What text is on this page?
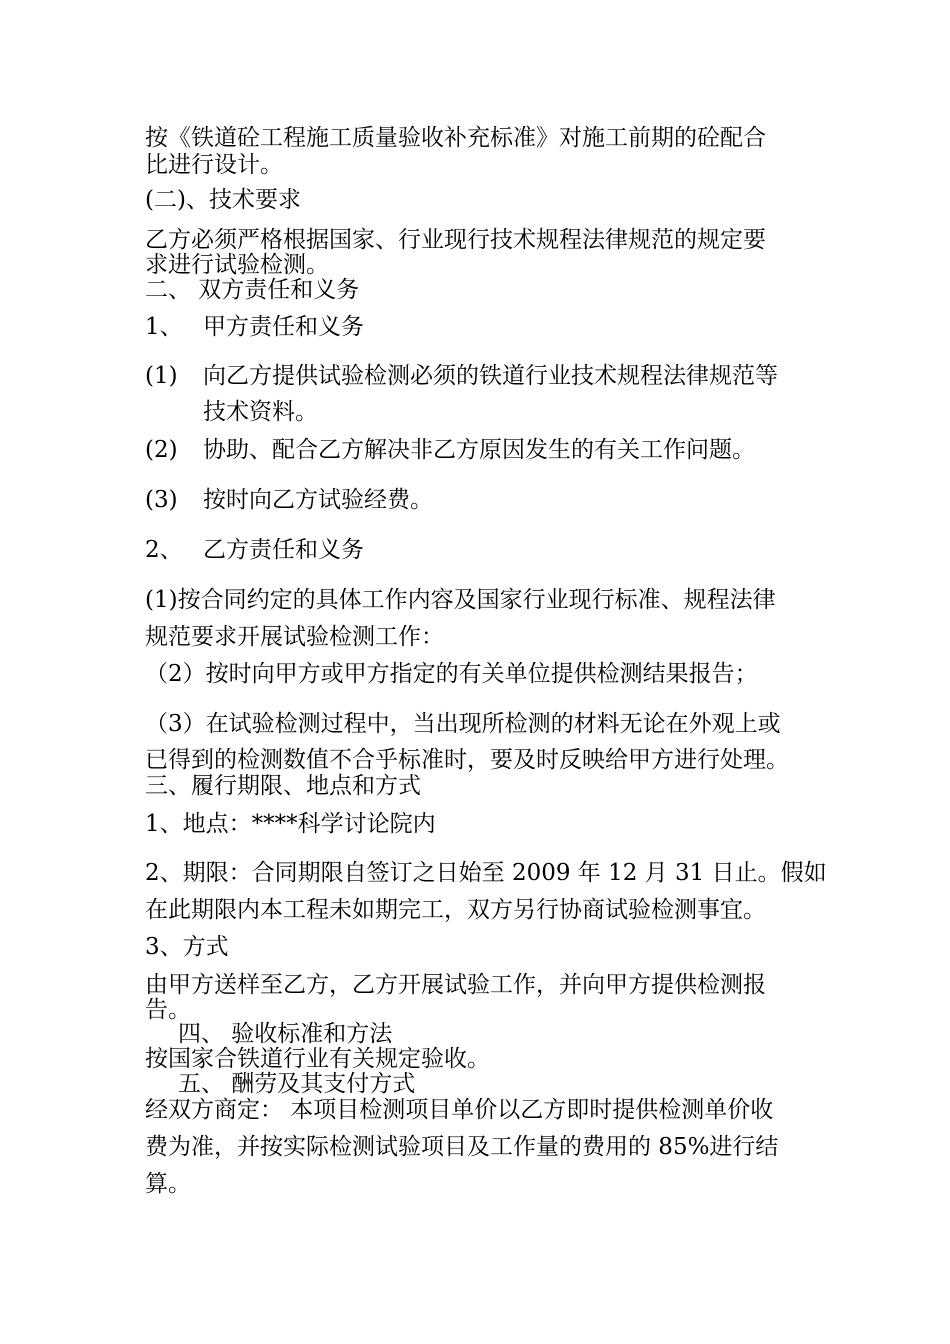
按《铁道砼工程施工质量验收补充标准》对施工前期的砼配合
比进行设计。
(二)、技术要求
乙方必须严格根据国家、行业现行技术规程法律规范的规定要
求进行试验检测。
二、 双方责任和义务
1、 甲方责任和义务
(1) 向乙方提供试验检测必须的铁道行业技术规程法律规范等
技术资料。
(2) 协助、配合乙方解决非乙方原因发生的有关工作问题。
(3) 按时向乙方试验经费。
2、 乙方责任和义务
(1)按合同约定的具体工作内容及国家行业现行标准、规程法律
规范要求开展试验检测工作：
（2）按时向甲方或甲方指定的有关单位提供检测结果报告；
（3）在试验检测过程中，当出现所检测的材料无论在外观上或
已得到的检测数值不合乎标准时，要及时反映给甲方进行处理。
三、履行期限、地点和方式
1、地点：****科学讨论院内
2、期限：合同期限自签订之日始至 2009 年 12 月 31 日止。假如
在此期限内本工程未如期完工，双方另行协商试验检测事宜。
3、方式
由甲方送样至乙方，乙方开展试验工作，并向甲方提供检测报
告。
四、 验收标准和方法
按国家合铁道行业有关规定验收。
五、 酬劳及其支付方式
经双方商定： 本项目检测项目单价以乙方即时提供检测单价收
费为准，并按实际检测试验项目及工作量的费用的 85%进行结
算。
